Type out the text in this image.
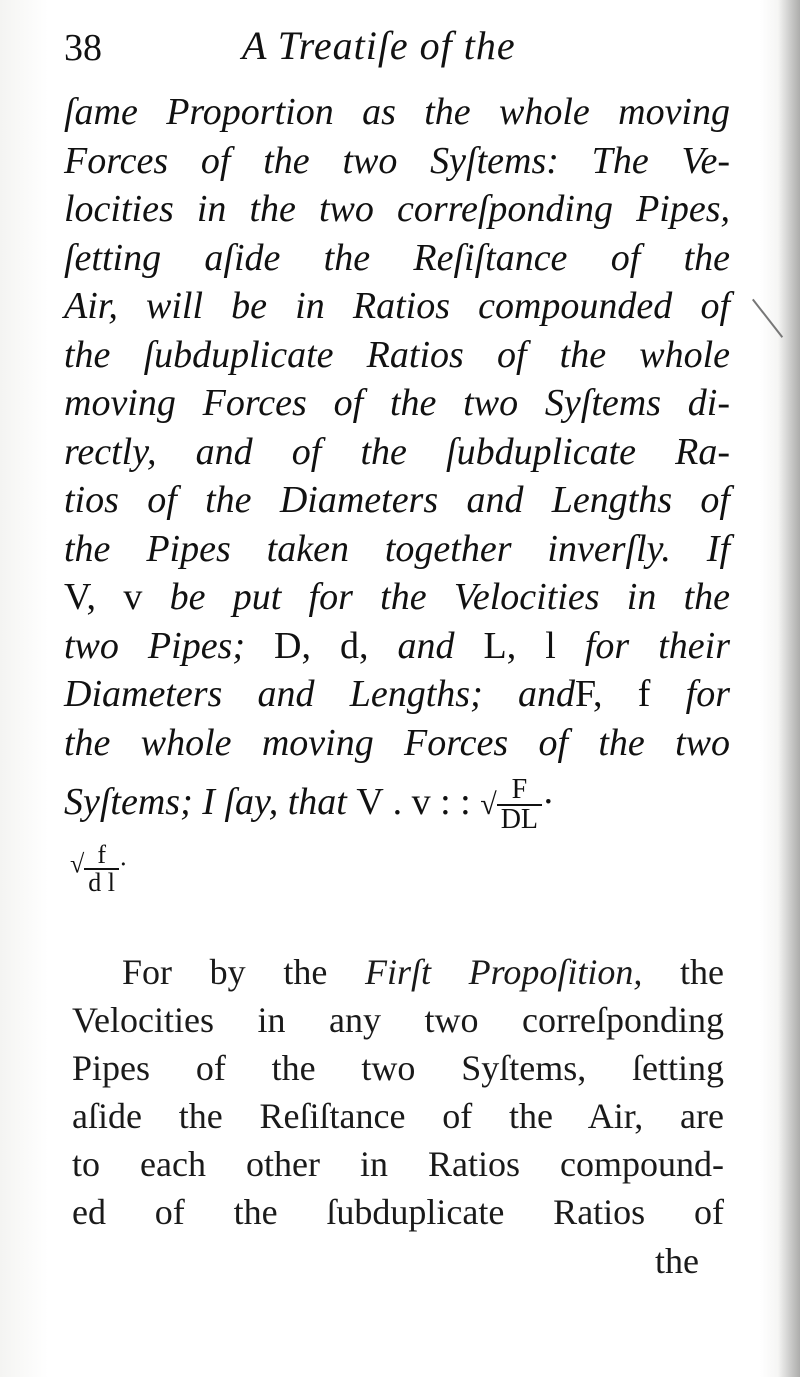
38	A Treatiſe of the
ſame Proportion as the whole moving
Forces of the two Syſtems: The Ve-
locities in the two correſponding Pipes,
ſetting aſide the Reſiſtance of the
Air, will be in Ratios compounded of
the ſubduplicate Ratios of the whole
moving Forces of the two Syſtems di-
rectly, and of the ſubduplicate Ra-
tios of the Diameters and Lengths of
the Pipes taken together inverſly. If
V, v be put for the Velocities in the
two Pipes; D, d, and L, l for their
Diameters and Lengths; andF, f for
the whole moving Forces of the two
Syſtems; I ſay, that V . v : : √ $\frac{F}{DL}$ ·
√ $\frac{f}{\text{d l}}$ ·
For by the Firſt Propoſition, the
Velocities in any two correſponding
Pipes of the two Syſtems, ſetting
aſide the Reſiſtance of the Air, are
to each other in Ratios compound-
ed of the ſubduplicate Ratios of
the
